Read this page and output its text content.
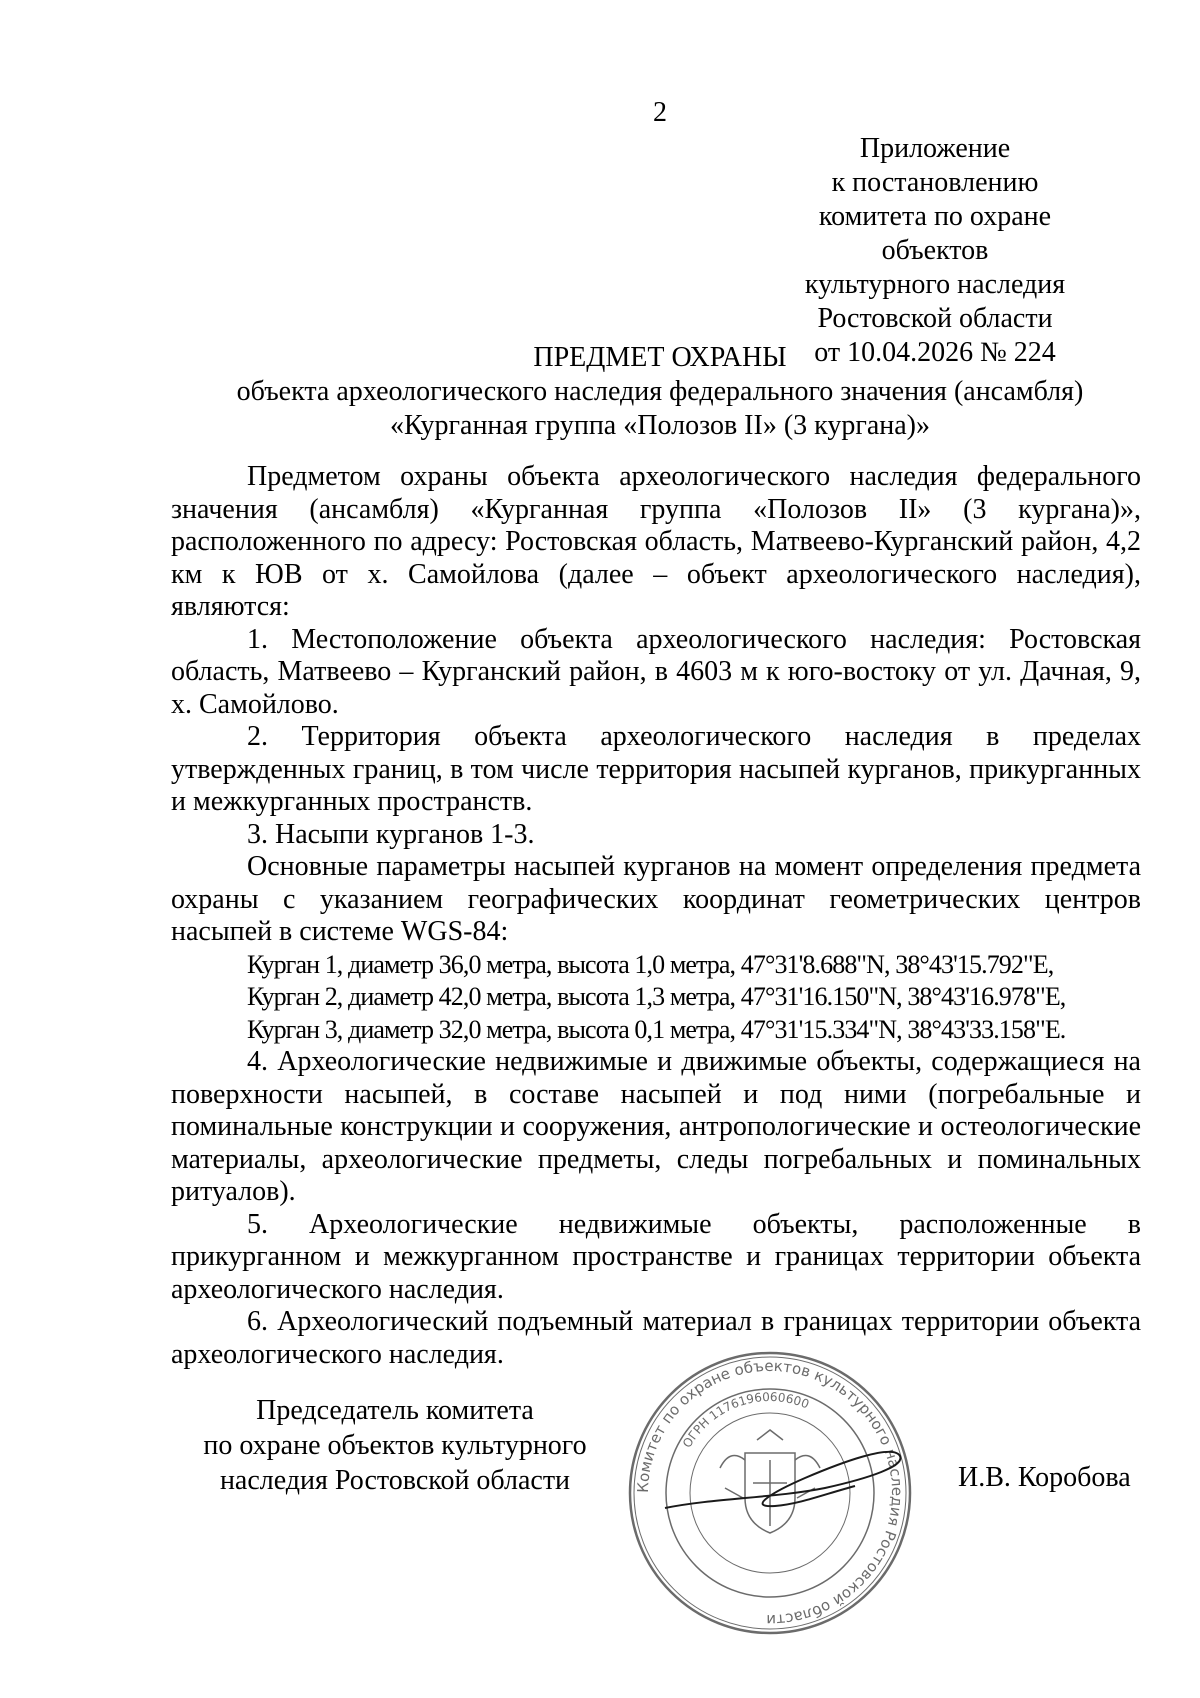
2
Приложение
к постановлению
комитета по охране объектов
культурного наследия
Ростовской области
от 10.04.2026 № 224
ПРЕДМЕТ ОХРАНЫ
объекта археологического наследия федерального значения (ансамбля)
«Курганная группа «Полозов II» (3 кургана)»

Предметом охраны объекта археологического наследия федерального значения (ансамбля) «Курганная группа «Полозов II» (3 кургана)», расположенного по адресу: Ростовская область, Матвеево-Курганский район, 4,2 км к ЮВ от х. Самойлова (далее – объект археологического наследия), являются:

1. Местоположение объекта археологического наследия: Ростовская область, Матвеево – Курганский район, в 4603 м к юго-востоку от ул. Дачная, 9, х. Самойлово.

2. Территория объекта археологического наследия в пределах утвержденных границ, в том числе территория насыпей курганов, прикурганных и межкурганных пространств.

3. Насыпи курганов 1-3.

Основные параметры насыпей курганов на момент определения предмета охраны с указанием географических координат геометрических центров насыпей в системе WGS-84:

Курган 1, диаметр 36,0 метра, высота 1,0 метра, 47°31'8.688"N, 38°43'15.792"E,

Курган 2, диаметр 42,0 метра, высота 1,3 метра, 47°31'16.150"N, 38°43'16.978"E,

Курган 3, диаметр 32,0 метра, высота 0,1 метра, 47°31'15.334"N, 38°43'33.158"E.

4. Археологические недвижимые и движимые объекты, содержащиеся на поверхности насыпей, в составе насыпей и под ними (погребальные и поминальные конструкции и сооружения, антропологические и остеологические материалы, археологические предметы, следы погребальных и поминальных ритуалов).

5. Археологические недвижимые объекты, расположенные в прикурганном и межкурганном пространстве и границах территории объекта археологического наследия.

6. Археологический подъемный материал в границах территории объекта археологического наследия.

Председатель комитета
по охране объектов культурного
наследия Ростовской области	Комитет по охране объектов культурного наследия Ростовской области
ОГРН 1176196060600
И.В. Коробова
